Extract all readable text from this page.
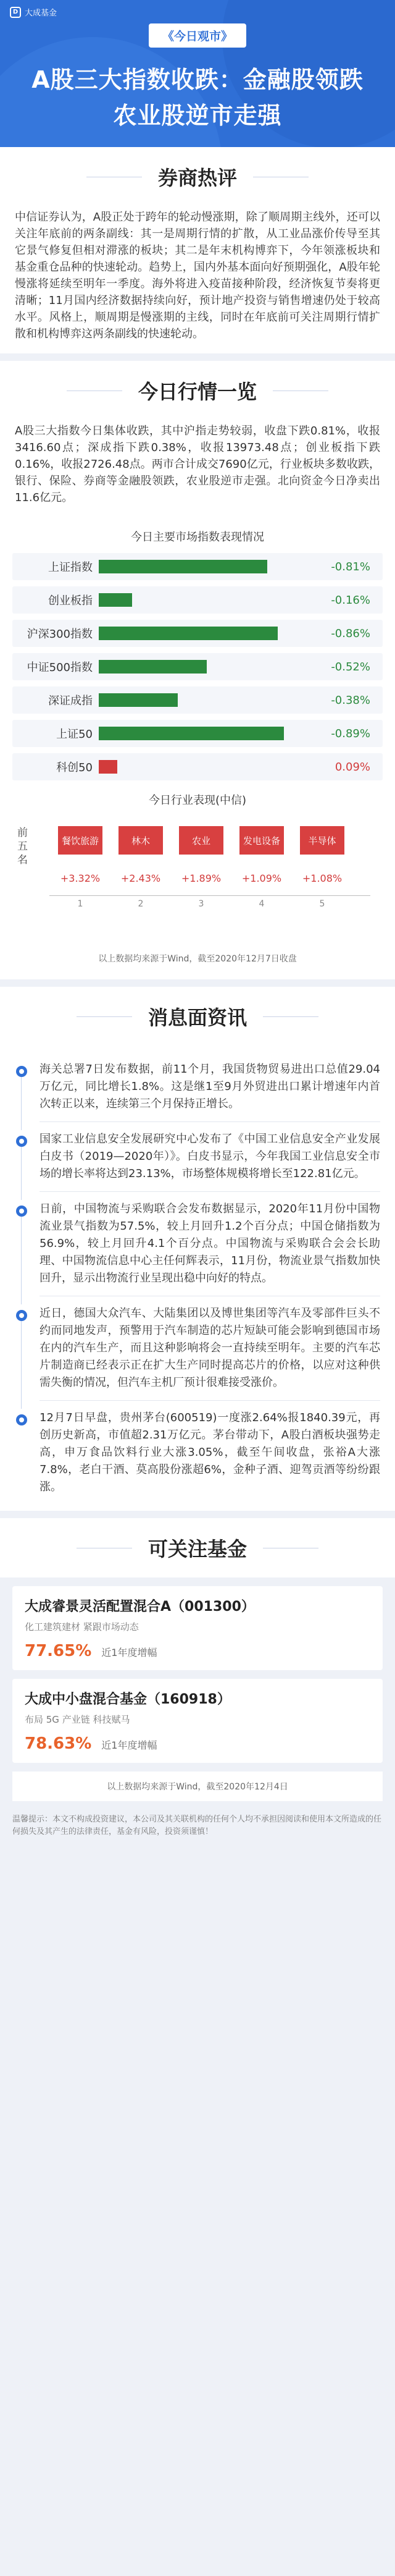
D 大成基金
《今日观市》
A股三大指数收跌：金融股领跌
农业股逆市走强
券商热评
中信证券认为，A股正处于跨年的轮动慢涨期，除了顺周期主线外，还可以关注年底前的两条副线：其一是周期行情的扩散，从工业品涨价传导至其它景气修复但相对滞涨的板块；其二是年末机构博弈下，今年领涨板块和基金重仓品种的快速轮动。趋势上，国内外基本面向好预期强化，A股年轮慢涨将延续至明年一季度。海外将进入疫苗接种阶段，经济恢复节奏将更清晰；11月国内经济数据持续向好，预计地产投资与销售增速仍处于较高水平。风格上，顺周期是慢涨期的主线，同时在年底前可关注周期行情扩散和机构博弈这两条副线的快速轮动。
今日行情一览
A股三大指数今日集体收跌，其中沪指走势较弱，收盘下跌0.81%，收报3416.60点；深成指下跌0.38%，收报13973.48点；创业板指下跌0.16%，收报2726.48点。两市合计成交7690亿元，行业板块多数收跌，银行、保险、券商等金融股领跌，农业股逆市走强。北向资金今日净卖出11.6亿元。
今日主要市场指数表现情况
上证指数	-0.81%
创业板指	-0.16%
沪深300指数	-0.86%
中证500指数	-0.52%
深证成指	-0.38%
上证50	-0.89%
科创50	0.09%
今日行业表现(中信)
前五名
餐饮旅游
+3.32%
1
林木
+2.43%
2
农业
+1.89%
3
发电设备
+1.09%
4
半导体
+1.08%
5
以上数据均来源于Wind，截至2020年12月7日收盘
消息面资讯
海关总署7日发布数据，前11个月，我国货物贸易进出口总值29.04万亿元，同比增长1.8%。这是继1至9月外贸进出口累计增速年内首次转正以来，连续第三个月保持正增长。
国家工业信息安全发展研究中心发布了《中国工业信息安全产业发展白皮书（2019—2020年）》。白皮书显示，今年我国工业信息安全市场的增长率将达到23.13%，市场整体规模将增长至122.81亿元。
日前，中国物流与采购联合会发布数据显示，2020年11月份中国物流业景气指数为57.5%，较上月回升1.2个百分点；中国仓储指数为56.9%，较上月回升4.1个百分点。中国物流与采购联合会会长助理、中国物流信息中心主任何辉表示，11月份，物流业景气指数加快回升，显示出物流行业呈现出稳中向好的特点。
近日，德国大众汽车、大陆集团以及博世集团等汽车及零部件巨头不约而同地发声，预警用于汽车制造的芯片短缺可能会影响到德国市场在内的汽车生产，而且这种影响将会一直持续至明年。主要的汽车芯片制造商已经表示正在扩大生产同时提高芯片的价格，以应对这种供需失衡的情况，但汽车主机厂预计很难接受涨价。
12月7日早盘，贵州茅台(600519)一度涨2.64%报1840.39元，再创历史新高，市值超2.31万亿元。茅台带动下，A股白酒板块强势走高，申万食品饮料行业大涨3.05%，截至午间收盘，张裕A大涨7.8%，老白干酒、莫高股份涨超6%，金种子酒、迎驾贡酒等纷纷跟涨。
可关注基金
大成睿景灵活配置混合A（001300）
化工建筑建材 紧跟市场动态
77.65% 近1年度增幅
大成中小盘混合基金（160918）
布局 5G 产业链 科技赋马
78.63% 近1年度增幅
以上数据均来源于Wind，截至2020年12月4日
温馨提示：本文不构成投资建议，本公司及其关联机构的任何个人均不承担因阅读和使用本文所造成的任何损失及其产生的法律责任，基金有风险，投资须谨慎！
